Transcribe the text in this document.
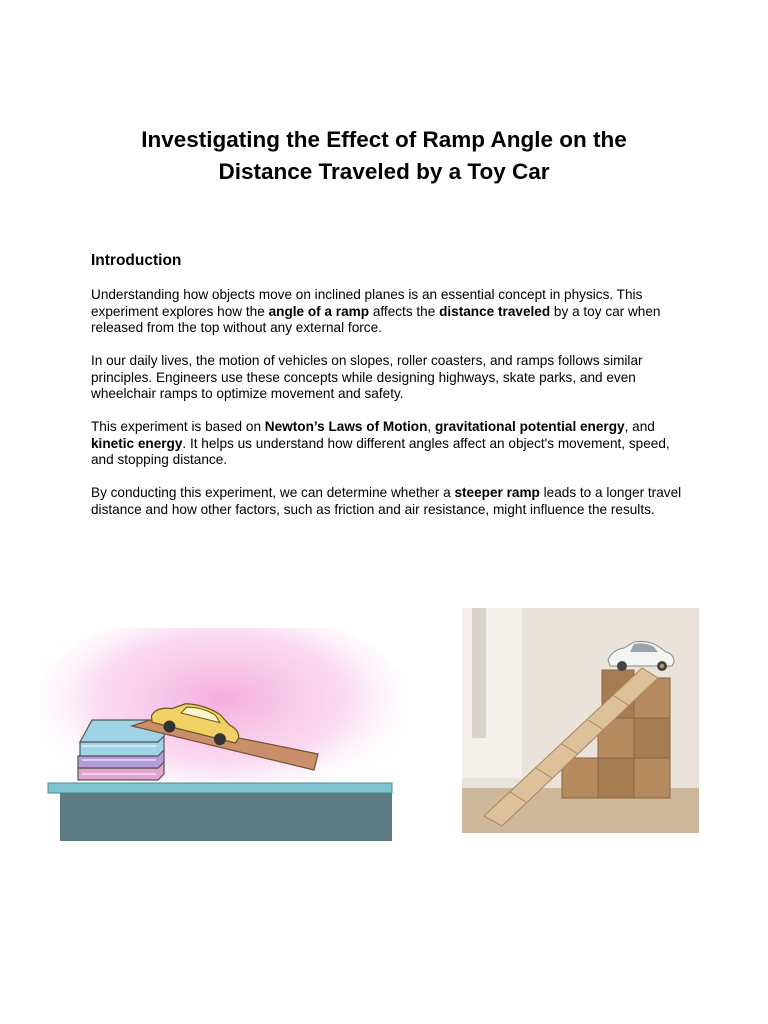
Investigating the Effect of Ramp Angle on the
Distance Traveled by a Toy Car
Introduction

Understanding how objects move on inclined planes is an essential concept in physics. This experiment explores how the angle of a ramp affects the distance traveled by a toy car when released from the top without any external force.

In our daily lives, the motion of vehicles on slopes, roller coasters, and ramps follows similar principles. Engineers use these concepts while designing highways, skate parks, and even wheelchair ramps to optimize movement and safety.

This experiment is based on Newton’s Laws of Motion, gravitational potential energy, and kinetic energy. It helps us understand how different angles affect an object's movement, speed, and stopping distance.

By conducting this experiment, we can determine whether a steeper ramp leads to a longer travel distance and how other factors, such as friction and air resistance, might influence the results.
